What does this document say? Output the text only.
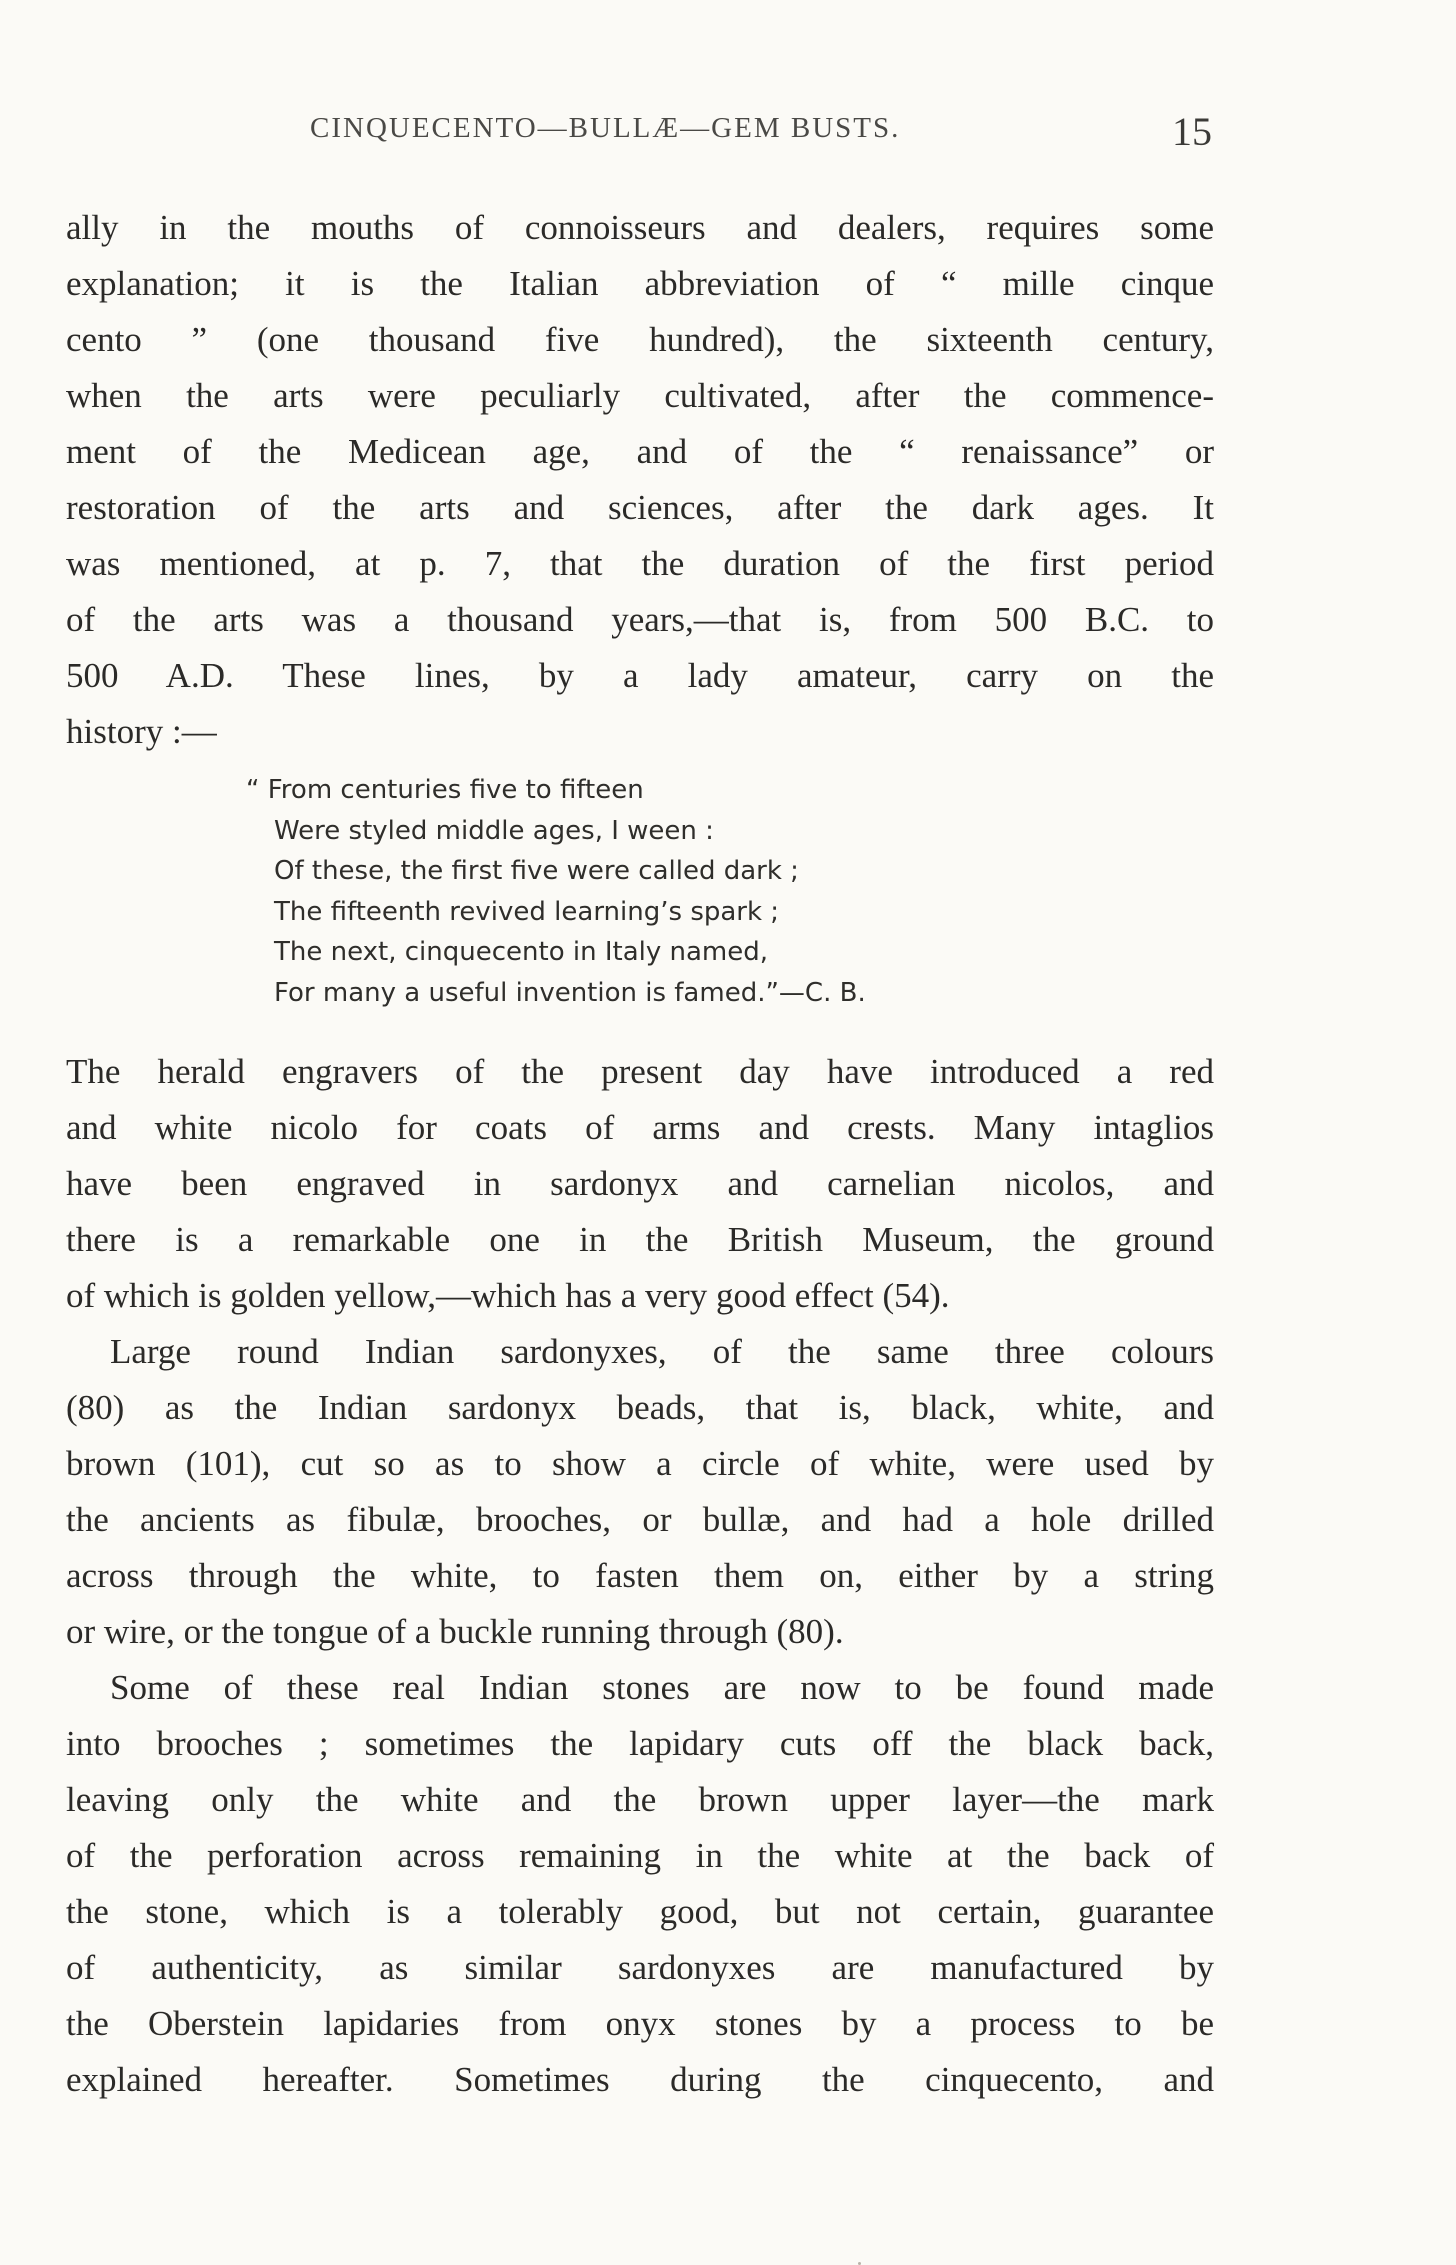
CINQUECENTO—BULLÆ—GEM BUSTS.	15
ally in the mouths of connoisseurs and dealers, requires some
explanation; it is the Italian abbreviation of “ mille cinque
cento ” (one thousand five hundred), the sixteenth century,
when the arts were peculiarly cultivated, after the commence-
ment of the Medicean age, and of the “ renaissance” or
restoration of the arts and sciences, after the dark ages. It
was mentioned, at p. 7, that the duration of the first period
of the arts was a thousand years,—that is, from 500 B.C. to
500 A.D. These lines, by a lady amateur, carry on the
history :—
“ From centuries five to fifteen
Were styled middle ages, I ween :
Of these, the first five were called dark ;
The fifteenth revived learning’s spark ;
The next, cinquecento in Italy named,
For many a useful invention is famed.”—C. B.
The herald engravers of the present day have introduced a red
and white nicolo for coats of arms and crests. Many intaglios
have been engraved in sardonyx and carnelian nicolos, and
there is a remarkable one in the British Museum, the ground
of which is golden yellow,—which has a very good effect (54).
Large round Indian sardonyxes, of the same three colours
(80) as the Indian sardonyx beads, that is, black, white, and
brown (101), cut so as to show a circle of white, were used by
the ancients as fibulæ, brooches, or bullæ, and had a hole drilled
across through the white, to fasten them on, either by a string
or wire, or the tongue of a buckle running through (80).
Some of these real Indian stones are now to be found made
into brooches ; sometimes the lapidary cuts off the black back,
leaving only the white and the brown upper layer—the mark
of the perforation across remaining in the white at the back of
the stone, which is a tolerably good, but not certain, guarantee
of authenticity, as similar sardonyxes are manufactured by
the Oberstein lapidaries from onyx stones by a process to be
explained hereafter. Sometimes during the cinquecento, and
